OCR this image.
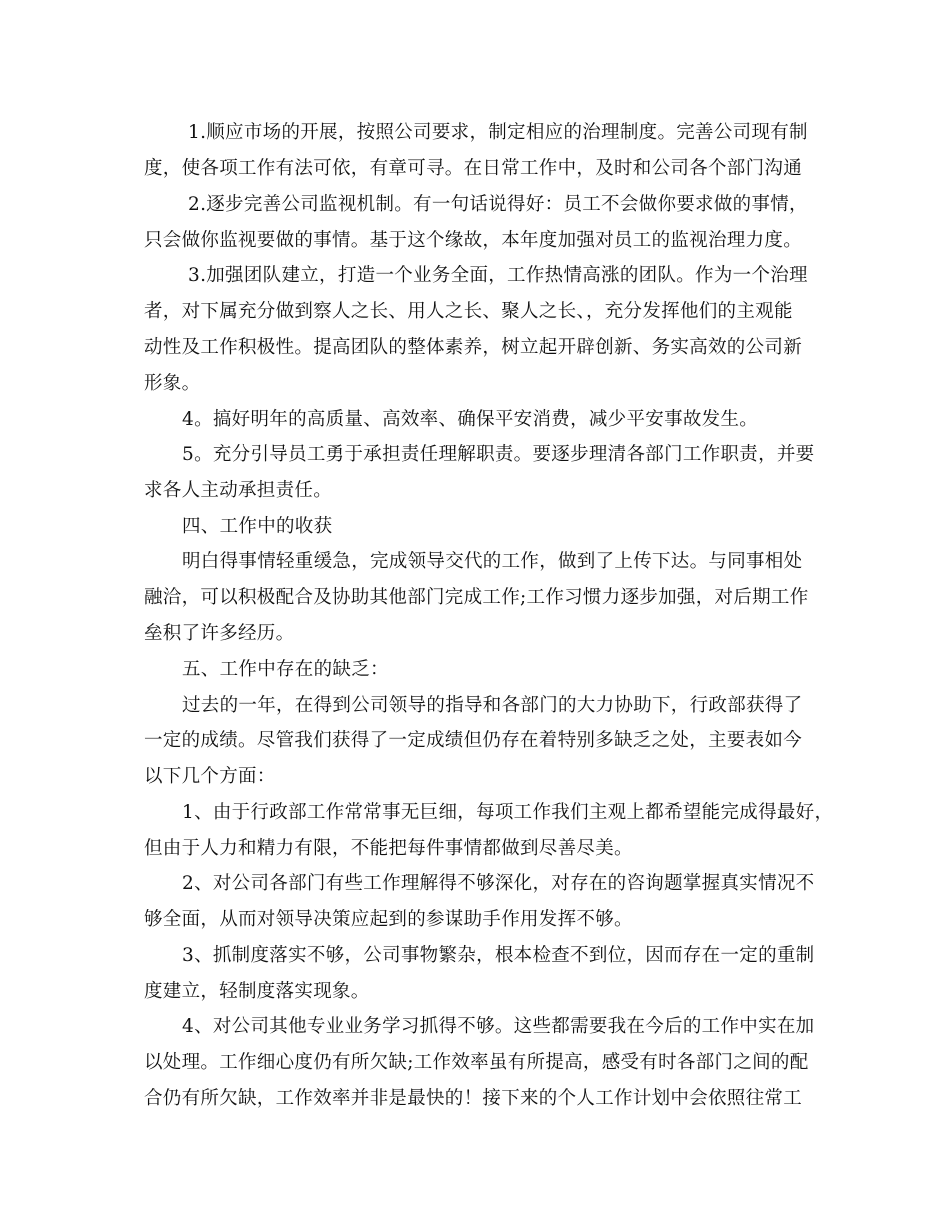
1.顺应市场的开展，按照公司要求，制定相应的治理制度。完善公司现有制
度，使各项工作有法可依，有章可寻。在日常工作中，及时和公司各个部门沟通
2.逐步完善公司监视机制。有一句话说得好：员工不会做你要求做的事情，
只会做你监视要做的事情。基于这个缘故，本年度加强对员工的监视治理力度。
3.加强团队建立，打造一个业务全面，工作热情高涨的团队。作为一个治理
者，对下属充分做到察人之长、用人之长、聚人之长、，充分发挥他们的主观能
动性及工作积极性。提高团队的整体素养，树立起开辟创新、务实高效的公司新
形象。
4。搞好明年的高质量、高效率、确保平安消费，减少平安事故发生。
5。充分引导员工勇于承担责任理解职责。要逐步理清各部门工作职责，并要
求各人主动承担责任。
四、工作中的收获
明白得事情轻重缓急，完成领导交代的工作，做到了上传下达。与同事相处
融洽，可以积极配合及协助其他部门完成工作;工作习惯力逐步加强，对后期工作
垒积了许多经历。
五、工作中存在的缺乏：
过去的一年，在得到公司领导的指导和各部门的大力协助下，行政部获得了
一定的成绩。尽管我们获得了一定成绩但仍存在着特别多缺乏之处，主要表如今
以下几个方面：
1、由于行政部工作常常事无巨细，每项工作我们主观上都希望能完成得最好，
但由于人力和精力有限，不能把每件事情都做到尽善尽美。
2、对公司各部门有些工作理解得不够深化，对存在的咨询题掌握真实情况不
够全面，从而对领导决策应起到的参谋助手作用发挥不够。
3、抓制度落实不够，公司事物繁杂，根本检查不到位，因而存在一定的重制
度建立，轻制度落实现象。
4、对公司其他专业业务学习抓得不够。这些都需要我在今后的工作中实在加
以处理。工作细心度仍有所欠缺;工作效率虽有所提高，感受有时各部门之间的配
合仍有所欠缺，工作效率并非是最快的！接下来的个人工作计划中会依照往常工
